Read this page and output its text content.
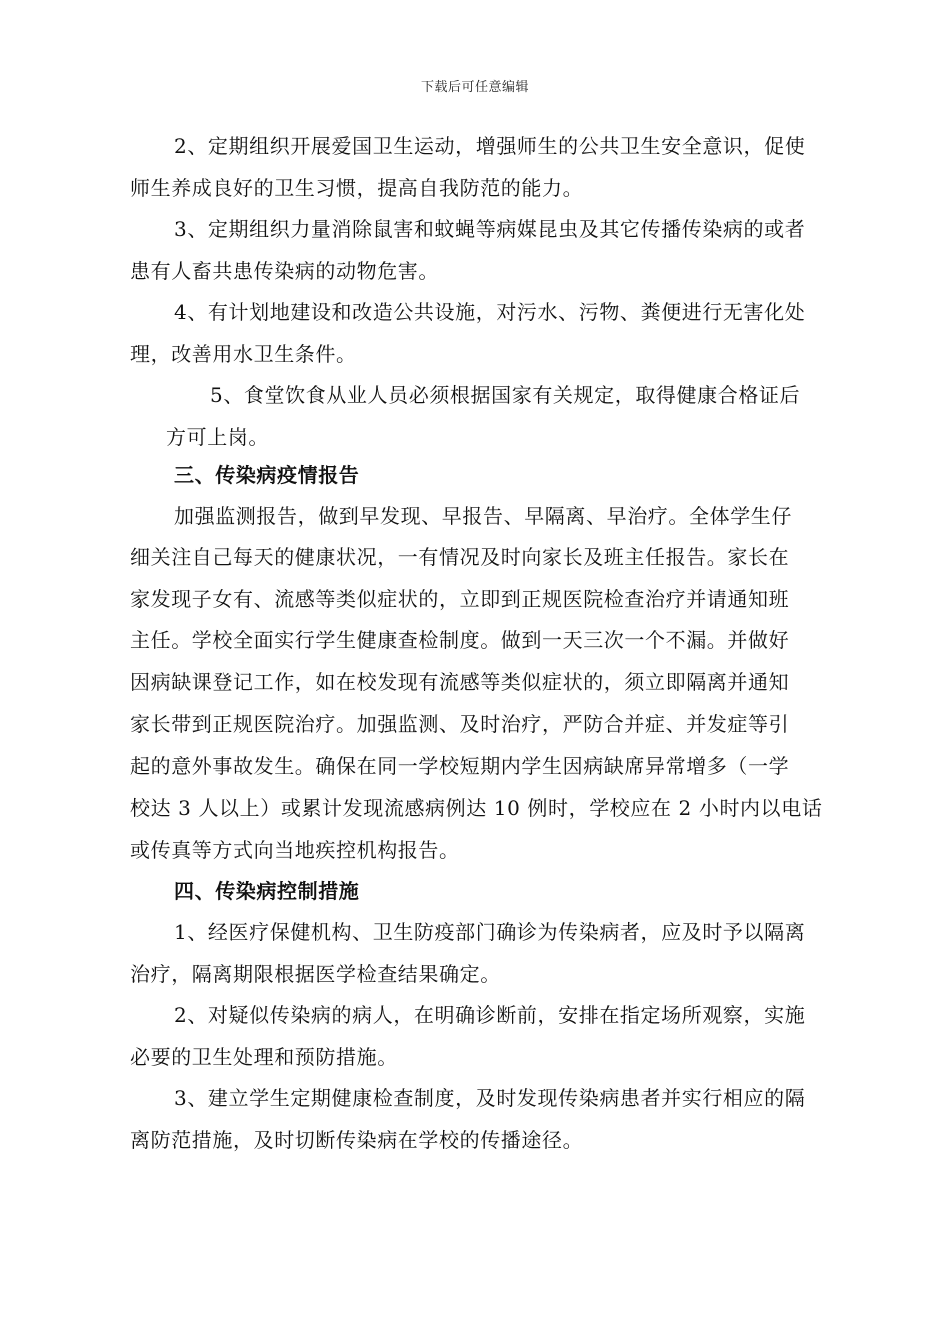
下载后可任意编辑
2、定期组织开展爱国卫生运动，增强师生的公共卫生安全意识，促使
师生养成良好的卫生习惯，提高自我防范的能力。
3、定期组织力量消除鼠害和蚊蝇等病媒昆虫及其它传播传染病的或者
患有人畜共患传染病的动物危害。
4、有计划地建设和改造公共设施，对污水、污物、粪便进行无害化处
理，改善用水卫生条件。
5、食堂饮食从业人员必须根据国家有关规定，取得健康合格证后
方可上岗。
三、传染病疫情报告
加强监测报告，做到早发现、早报告、早隔离、早治疗。全体学生仔
细关注自己每天的健康状况，一有情况及时向家长及班主任报告。家长在
家发现子女有、流感等类似症状的，立即到正规医院检查治疗并请通知班
主任。学校全面实行学生健康查检制度。做到一天三次一个不漏。并做好
因病缺课登记工作，如在校发现有流感等类似症状的，须立即隔离并通知
家长带到正规医院治疗。加强监测、及时治疗，严防合并症、并发症等引
起的意外事故发生。确保在同一学校短期内学生因病缺席异常增多（一学
校达 3 人以上）或累计发现流感病例达 10 例时，学校应在 2 小时内以电话
或传真等方式向当地疾控机构报告。
四、传染病控制措施
1、经医疗保健机构、卫生防疫部门确诊为传染病者，应及时予以隔离
治疗，隔离期限根据医学检查结果确定。
2、对疑似传染病的病人，在明确诊断前，安排在指定场所观察，实施
必要的卫生处理和预防措施。
3、建立学生定期健康检查制度，及时发现传染病患者并实行相应的隔
离防范措施，及时切断传染病在学校的传播途径。
